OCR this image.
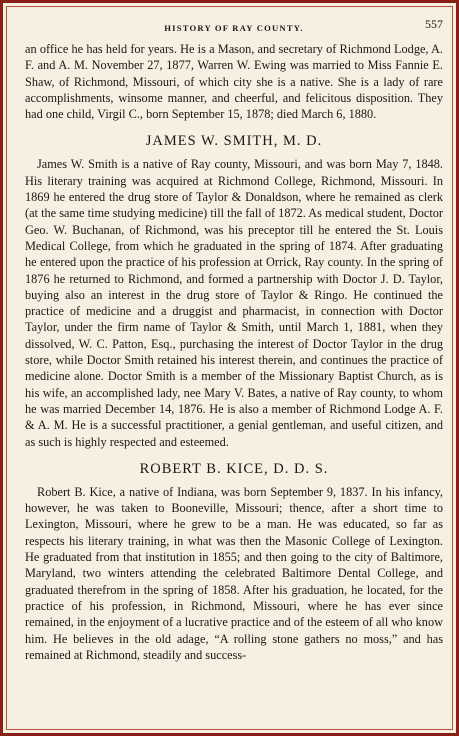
HISTORY OF RAY COUNTY.	557

an office he has held for years. He is a Mason, and secretary of Richmond Lodge, A. F. and A. M. November 27, 1877, Warren W. Ewing was married to Miss Fannie E. Shaw, of Richmond, Missouri, of which city she is a native. She is a lady of rare accomplishments, winsome manner, and cheerful, and felicitous disposition. They had one child, Virgil C., born September 15, 1878; died March 6, 1880.

JAMES W. SMITH, M. D.

James W. Smith is a native of Ray county, Missouri, and was born May 7, 1848. His literary training was acquired at Richmond College, Richmond, Missouri. In 1869 he entered the drug store of Taylor & Donaldson, where he remained as clerk (at the same time studying medicine) till the fall of 1872. As medical student, Doctor Geo. W. Buchanan, of Richmond, was his preceptor till he entered the St. Louis Medical College, from which he graduated in the spring of 1874. After graduating he entered upon the practice of his profession at Orrick, Ray county. In the spring of 1876 he returned to Richmond, and formed a partnership with Doctor J. D. Taylor, buying also an interest in the drug store of Taylor & Ringo. He continued the practice of medicine and a druggist and pharmacist, in connection with Doctor Taylor, under the firm name of Taylor & Smith, until March 1, 1881, when they dissolved, W. C. Patton, Esq., purchasing the interest of Doctor Taylor in the drug store, while Doctor Smith retained his interest therein, and continues the practice of medicine alone. Doctor Smith is a member of the Missionary Baptist Church, as is his wife, an accomplished lady, nee Mary V. Bates, a native of Ray county, to whom he was married December 14, 1876. He is also a member of Richmond Lodge A. F. & A. M. He is a successful practitioner, a genial gentleman, and useful citizen, and as such is highly respected and esteemed.

ROBERT B. KICE, D. D. S.

Robert B. Kice, a native of Indiana, was born September 9, 1837. In his infancy, however, he was taken to Booneville, Missouri; thence, after a short time to Lexington, Missouri, where he grew to be a man. He was educated, so far as respects his literary training, in what was then the Masonic College of Lexington. He graduated from that institution in 1855; and then going to the city of Baltimore, Maryland, two winters attending the celebrated Baltimore Dental College, and graduated therefrom in the spring of 1858. After his graduation, he located, for the practice of his profession, in Richmond, Missouri, where he has ever since remained, in the enjoyment of a lucrative practice and of the esteem of all who know him. He believes in the old adage, “A rolling stone gathers no moss,” and has remained at Richmond, steadily and success-
